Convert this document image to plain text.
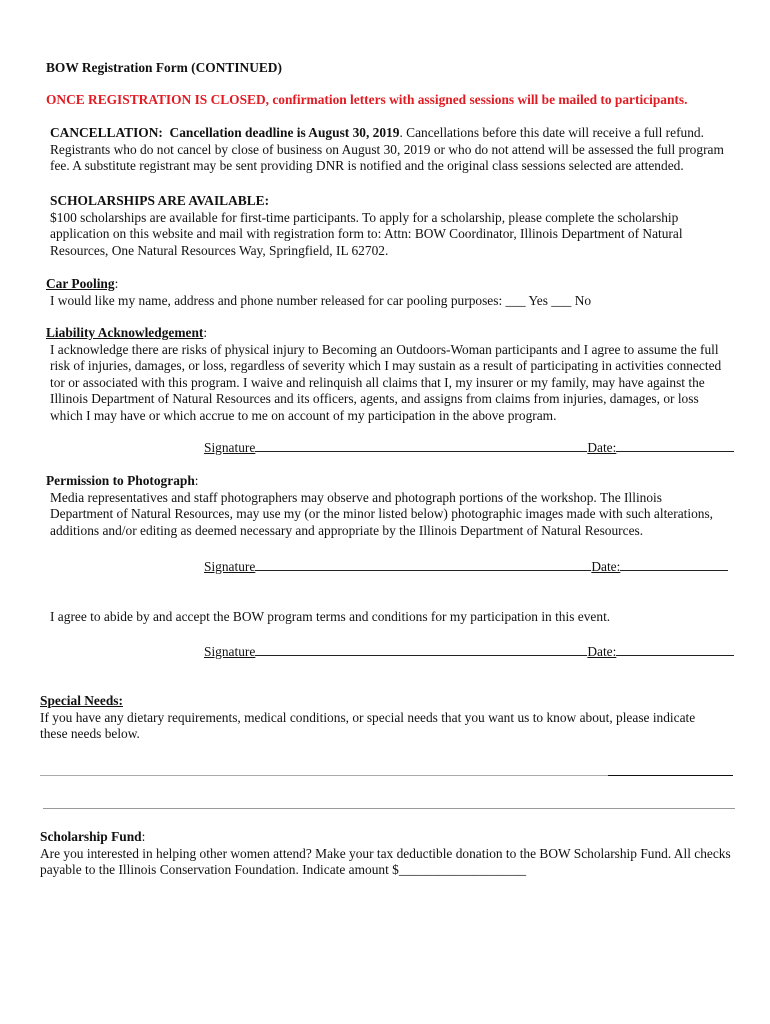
BOW Registration Form (CONTINUED)
ONCE REGISTRATION IS CLOSED, confirmation letters with assigned sessions will be mailed to participants.
CANCELLATION: Cancellation deadline is August 30, 2019. Cancellations before this date will receive a full refund.
Registrants who do not cancel by close of business on August 30, 2019 or who do not attend will be assessed the full program
fee. A substitute registrant may be sent providing DNR is notified and the original class sessions selected are attended.
SCHOLARSHIPS ARE AVAILABLE:
$100 scholarships are available for first-time participants. To apply for a scholarship, please complete the scholarship
application on this website and mail with registration form to: Attn: BOW Coordinator, Illinois Department of Natural
Resources, One Natural Resources Way, Springfield, IL 62702.
Car Pooling:
I would like my name, address and phone number released for car pooling purposes: ___ Yes ___ No
Liability Acknowledgement:
I acknowledge there are risks of physical injury to Becoming an Outdoors-Woman participants and I agree to assume the full
risk of injuries, damages, or loss, regardless of severity which I may sustain as a result of participating in activities connected
tor or associated with this program. I waive and relinquish all claims that I, my insurer or my family, may have against the
Illinois Department of Natural Resources and its officers, agents, and assigns from claims from injuries, damages, or loss
which I may have or which accrue to me on account of my participation in the above program.
Signature	Date:
Permission to Photograph:
Media representatives and staff photographers may observe and photograph portions of the workshop. The Illinois
Department of Natural Resources, may use my (or the minor listed below) photographic images made with such alterations,
additions and/or editing as deemed necessary and appropriate by the Illinois Department of Natural Resources.
Signature	Date:
I agree to abide by and accept the BOW program terms and conditions for my participation in this event.
Signature	Date:
Special Needs:
If you have any dietary requirements, medical conditions, or special needs that you want us to know about, please indicate
these needs below.
Scholarship Fund:
Are you interested in helping other women attend? Make your tax deductible donation to the BOW Scholarship Fund. All checks
payable to the Illinois Conservation Foundation. Indicate amount $___________________
